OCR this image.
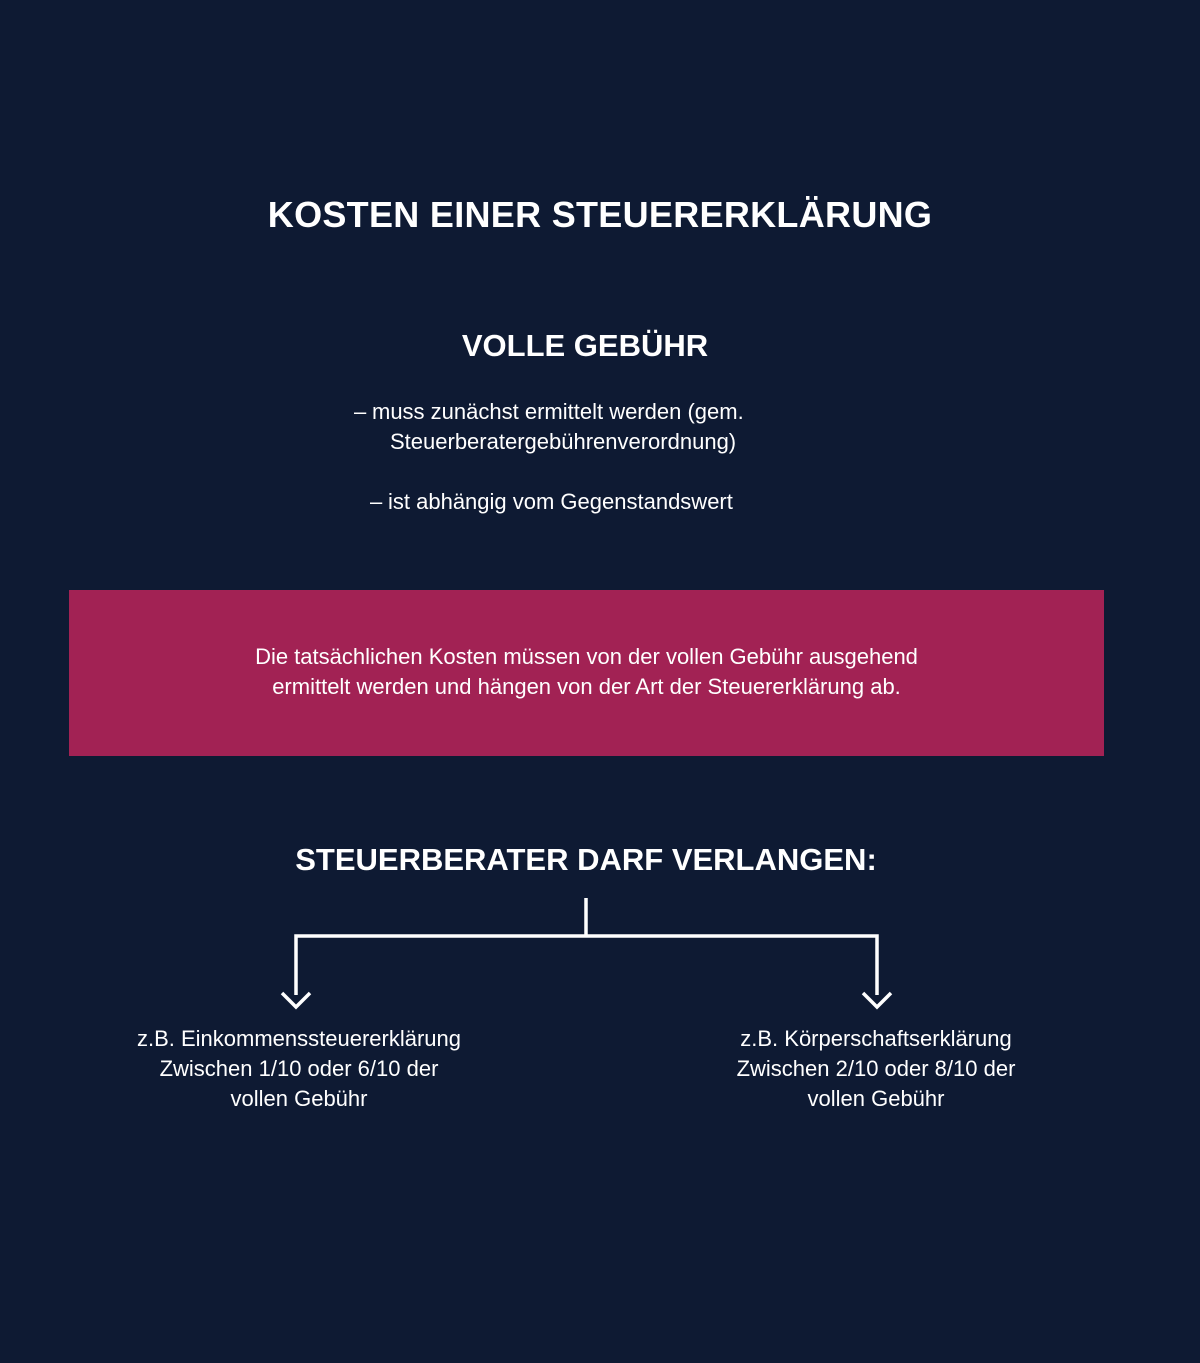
KOSTEN EINER STEUERERKLÄRUNG
VOLLE GEBÜHR
– muss zunächst ermittelt werden (gem.
Steuerberatergebührenverordnung)
– ist abhängig vom Gegenstandswert
Die tatsächlichen Kosten müssen von der vollen Gebühr ausgehend ermittelt werden und hängen von der Art der Steuererklärung ab.
STEUERBERATER DARF VERLANGEN:
z.B. Einkommenssteuererklärung
Zwischen 1/10 oder 6/10 der
vollen Gebühr
z.B. Körperschaftserklärung
Zwischen 2/10 oder 8/10 der
vollen Gebühr
